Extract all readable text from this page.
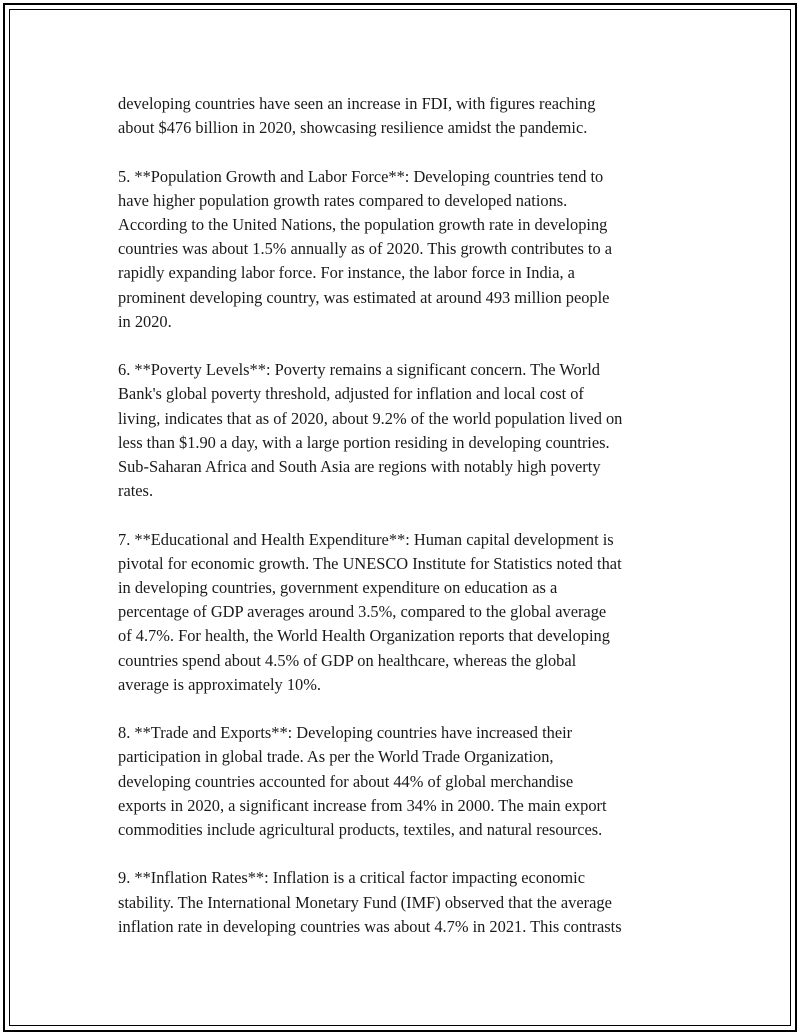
developing countries have seen an increase in FDI, with figures reaching
about $476 billion in 2020, showcasing resilience amidst the pandemic.

5. **Population Growth and Labor Force**: Developing countries tend to
have higher population growth rates compared to developed nations.
According to the United Nations, the population growth rate in developing
countries was about 1.5% annually as of 2020. This growth contributes to a
rapidly expanding labor force. For instance, the labor force in India, a
prominent developing country, was estimated at around 493 million people
in 2020.

6. **Poverty Levels**: Poverty remains a significant concern. The World
Bank's global poverty threshold, adjusted for inflation and local cost of
living, indicates that as of 2020, about 9.2% of the world population lived on
less than $1.90 a day, with a large portion residing in developing countries.
Sub-Saharan Africa and South Asia are regions with notably high poverty
rates.

7. **Educational and Health Expenditure**: Human capital development is
pivotal for economic growth. The UNESCO Institute for Statistics noted that
in developing countries, government expenditure on education as a
percentage of GDP averages around 3.5%, compared to the global average
of 4.7%. For health, the World Health Organization reports that developing
countries spend about 4.5% of GDP on healthcare, whereas the global
average is approximately 10%.

8. **Trade and Exports**: Developing countries have increased their
participation in global trade. As per the World Trade Organization,
developing countries accounted for about 44% of global merchandise
exports in 2020, a significant increase from 34% in 2000. The main export
commodities include agricultural products, textiles, and natural resources.

9. **Inflation Rates**: Inflation is a critical factor impacting economic
stability. The International Monetary Fund (IMF) observed that the average
inflation rate in developing countries was about 4.7% in 2021. This contrasts
